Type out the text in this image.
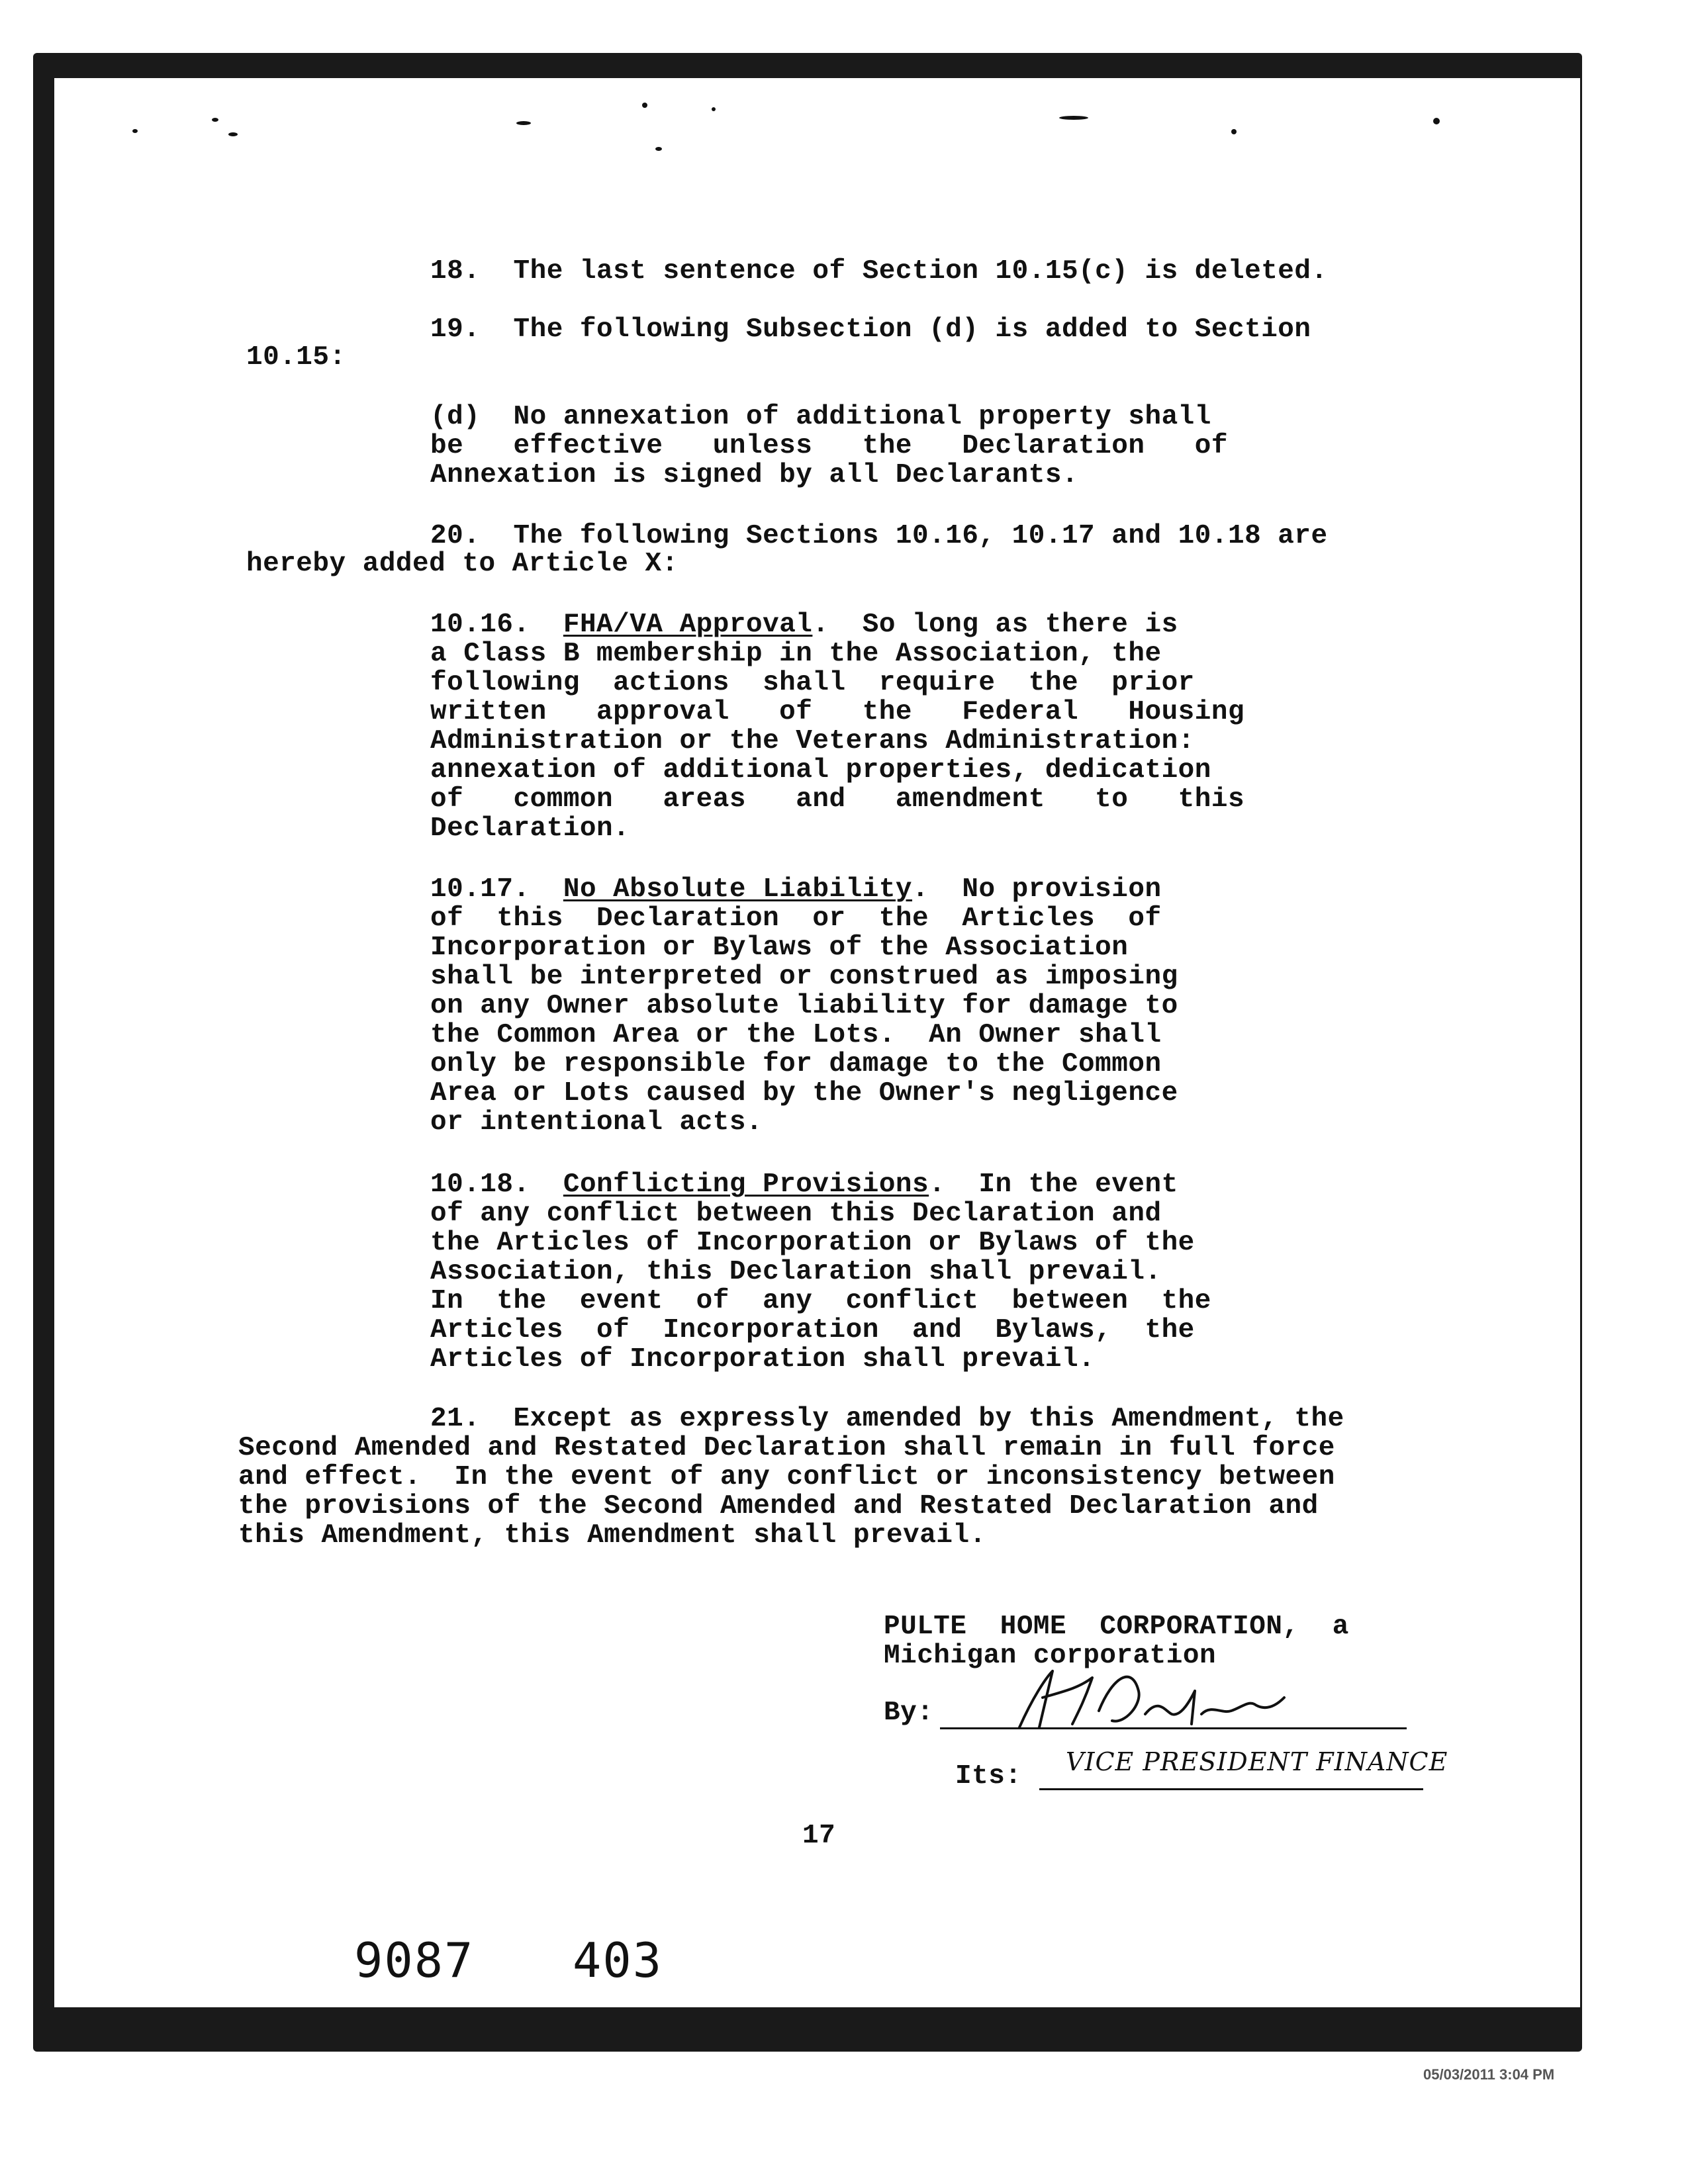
18.  The last sentence of Section 10.15(c) is deleted.
19.  The following Subsection (d) is added to Section
10.15:
(d)  No annexation of additional property shall
be   effective   unless   the   Declaration   of
Annexation is signed by all Declarants.
20.  The following Sections 10.16, 10.17 and 10.18 are
hereby added to Article X:
10.16. FHA/VA Approval.  So long as there is
a Class B membership in the Association, the
following  actions  shall  require  the  prior
written   approval   of   the   Federal   Housing
Administration or the Veterans Administration:
annexation of additional properties, dedication
of   common   areas   and   amendment   to   this
Declaration.
10.17. No Absolute Liability.  No provision
of  this  Declaration  or  the  Articles  of
Incorporation or Bylaws of the Association
shall be interpreted or construed as imposing
on any Owner absolute liability for damage to
the Common Area or the Lots.  An Owner shall
only be responsible for damage to the Common
Area or Lots caused by the Owner's negligence
or intentional acts.
10.18. Conflicting Provisions.  In the event
of any conflict between this Declaration and
the Articles of Incorporation or Bylaws of the
Association, this Declaration shall prevail.
In  the  event  of  any  conflict  between  the
Articles  of  Incorporation  and  Bylaws,  the
Articles of Incorporation shall prevail.
21.  Except as expressly amended by this Amendment, the
Second Amended and Restated Declaration shall remain in full force
and effect.  In the event of any conflict or inconsistency between
the provisions of the Second Amended and Restated Declaration and
this Amendment, this Amendment shall prevail.
PULTE  HOME  CORPORATION,  a
Michigan corporation
By:
Its: VICE PRESIDENT FINANCE
17
9087 403
05/03/2011 3:04 PM
